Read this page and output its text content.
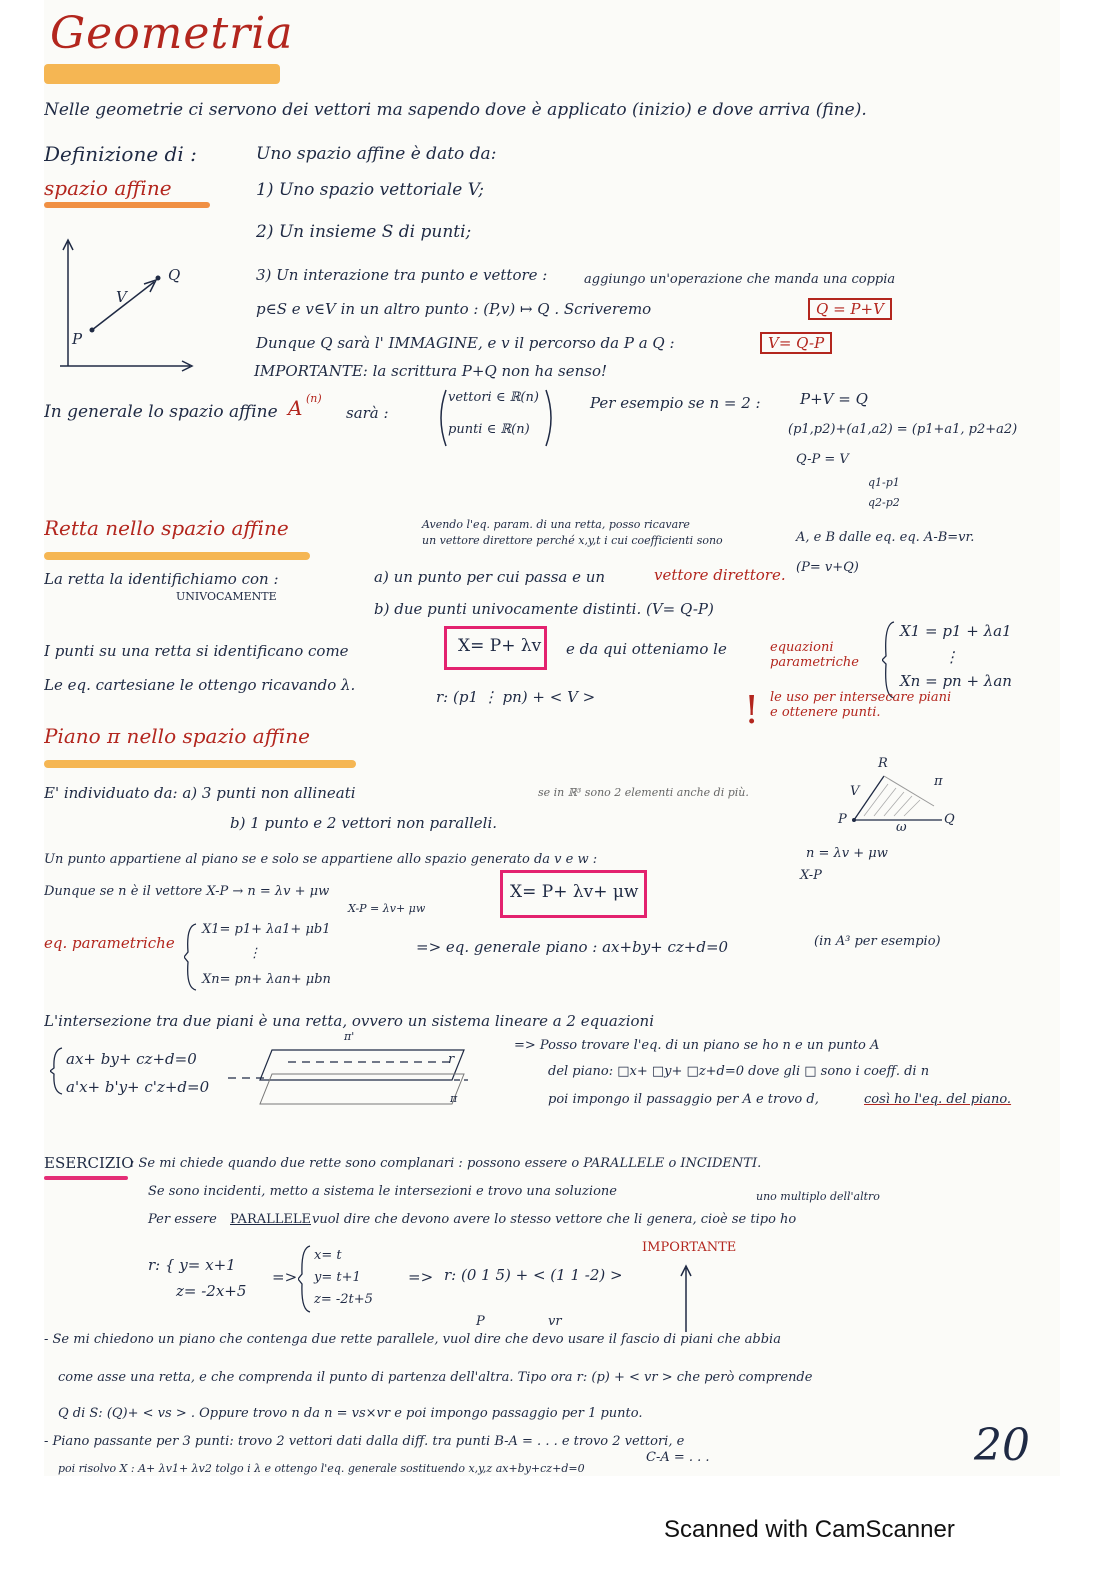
Geometria
Nelle geometrie ci servono dei vettori ma sapendo dove è applicato (inizio) e dove arriva (fine).
Definizione di :
spazio affine
Uno spazio affine è dato da:
1) Uno spazio vettoriale V;
2) Un insieme S di punti;
3) Un interazione tra punto e vettore :	aggiungo un'operazione che manda una coppia
p∈S e v∈V in un altro punto : (P,v) ↦ Q . Scriveremo	Q = P+V
Dunque Q sarà l' IMMAGINE, e v il percorso da P a Q :	V= Q-P
IMPORTANTE: la scrittura P+Q non ha senso!
P
V
Q
In generale lo spazio affine A (n)
sarà :
vettori ∈ ℝ(n)
punti ∈ ℝ(n)
Per esempio se n = 2 :	P+V = Q
(p1,p2)+(a1,a2) = (p1+a1, p2+a2)
Q-P = V
q1-p1
q2-p2
Retta nello spazio affine	Avendo l'eq. param. di una retta, posso ricavare
un vettore direttore perché x,y,t i cui coefficienti sono	A, e B dalle eq. eq. A-B=vr.
La retta la identifichiamo con :
UNIVOCAMENTE
a) un punto per cui passa e un	vettore direttore. (P= v+Q)
b) due punti univocamente distinti. (V= Q-P)
I punti su una retta si identificano come	X= P+ λv e da qui otteniamo le	equazioni parametriche
Le eq. cartesiane le ottengo ricavando λ.
r: (p1 ⋮ pn) + < V >
X1 = p1 + λa1
⋮
Xn = pn + λan
! le uso per intersecare piani e ottenere punti.
Piano π nello spazio affine
E' individuato da: a) 3 punti non allineati
b) 1 punto e 2 vettori non paralleli.
se in ℝ³ sono 2 elementi anche di più.	V
R
π
P
ω
Q
Un punto appartiene al piano se e solo se appartiene allo spazio generato da v e w :	n = λv + μw
X-P
Dunque se n è il vettore X-P → n = λv + μw
X-P = λv+ μw
X= P+ λv+ μw
eq. parametriche
X1= p1+ λa1+ μb1
⋮
Xn= pn+ λan+ μbn
=> eq. generale piano : ax+by+ cz+d=0	(in A³ per esempio)
L'intersezione tra due piani è una retta, ovvero un sistema lineare a 2 equazioni
ax+ by+ cz+d=0
a'x+ b'y+ c'z+d=0
π'
r
π
=> Posso trovare l'eq. di un piano se ho n e un punto A
del piano: □x+ □y+ □z+d=0 dove gli □ sono i coeff. di n
poi impongo il passaggio per A e trovo d,	così ho l'eq. del piano.
ESERCIZIO
: Se mi chiede quando due rette sono complanari : possono essere o PARALLELE o INCIDENTI.
Se sono incidenti, metto a sistema le intersezioni e trovo una soluzione	uno multiplo dell'altro
Per essere PARALLELE vuol dire che devono avere lo stesso vettore che li genera, cioè se tipo ho
r: { y= x+1
z= -2x+5
=>
x= t
y= t+1
z= -2t+5
=> r: (0 1 5) + < (1 1 -2) >
P	vr
IMPORTANTE
- Se mi chiedono un piano che contenga due rette parallele, vuol dire che devo usare il fascio di piani che abbia
come asse una retta, e che comprenda il punto di partenza dell'altra. Tipo ora r: (p) + < vr > che però comprende
Q di S: (Q)+ < vs > . Oppure trovo n da n = vs×vr e poi impongo passaggio per 1 punto.
- Piano passante per 3 punti: trovo 2 vettori dati dalla diff. tra punti B-A = . . . e trovo 2 vettori, e
C-A = . . .
poi risolvo X : A+ λv1+ λv2 tolgo i λ e ottengo l'eq. generale sostituendo x,y,z ax+by+cz+d=0	20
Scanned with CamScanner
